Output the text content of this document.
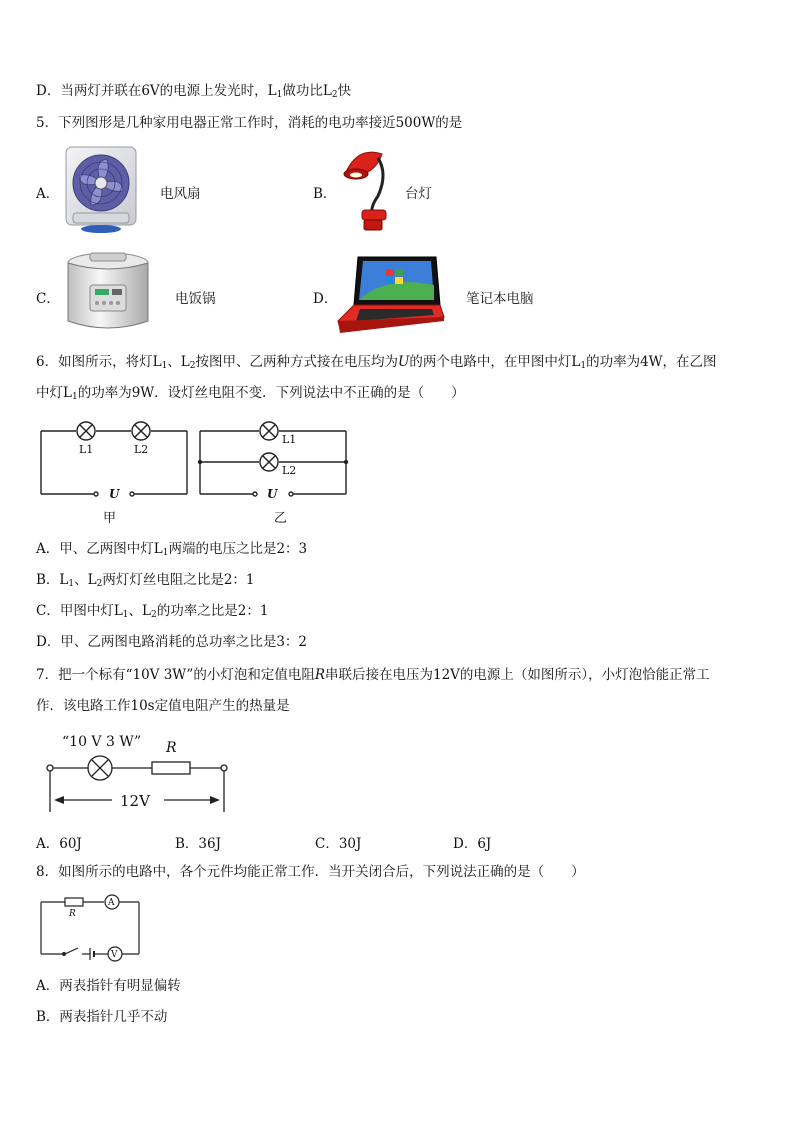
D．当两灯并联在6V的电源上发光时，$L_1$做功比$L_2$快
5．下列图形是几种家用电器正常工作时，消耗的电功率接近500W的是
A．	电风扇	B．	台灯
C．	电饭锅	D．	笔记本电脑
6．如图所示，将灯$L_1$、$L_2$按图甲、乙两种方式接在电压均为U的两个电路中，在甲图中灯$L_1$的功率为4W，在乙图
中灯$L_1$的功率为9W．设灯丝电阻不变．下列说法中不正确的是（　　）
L1	L2
U
甲
L1
L2
U
乙
A．甲、乙两图中灯$L_1$两端的电压之比是2：3
B．$L_1$、$L_2$两灯灯丝电阻之比是2：1
C．甲图中灯$L_1$、$L_2$的功率之比是2：1
D．甲、乙两图电路消耗的总功率之比是3：2
7．把一个标有“10V 3W”的小灯泡和定值电阻R串联后接在电压为12V的电源上（如图所示），小灯泡恰能正常工
作．该电路工作10s定值电阻产生的热量是
“10 V 3 W” R
12V
A．60J	B．36J	C．30J	D．6J
8．如图所示的电路中，各个元件均能正常工作．当开关闭合后，下列说法正确的是（　　）
R
A
V
A．两表指针有明显偏转
B．两表指针几乎不动
